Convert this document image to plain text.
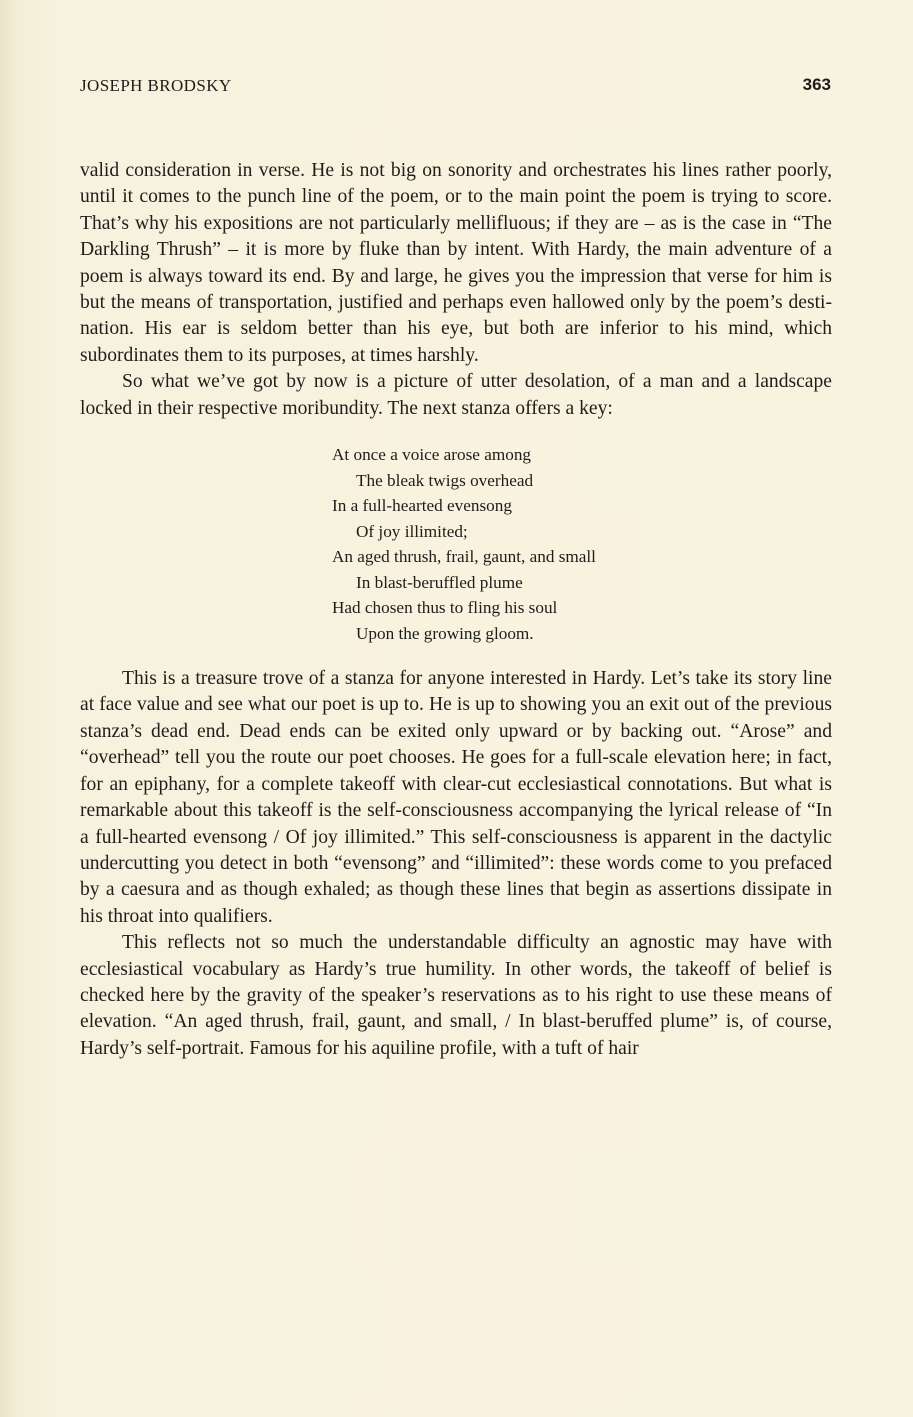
JOSEPH BRODSKY	363

valid consideration in verse. He is not big on sonority and orchestrates his lines rather poorly, until it comes to the punch line of the poem, or to the main point the poem is trying to score. That’s why his expositions are not particularly mellifluous; if they are – as is the case in “The Darkling Thrush” – it is more by fluke than by intent. With Hardy, the main adventure of a poem is always toward its end. By and large, he gives you the impression that verse for him is but the means of transportation, justified and perhaps even hallowed only by the poem’s destination. His ear is seldom better than his eye, but both are inferior to his mind, which subordinates them to its purposes, at times harshly.

So what we’ve got by now is a picture of utter desolation, of a man and a landscape locked in their respective moribundity. The next stanza offers a key:

At once a voice arose among
The bleak twigs overhead
In a full-hearted evensong
Of joy illimited;
An aged thrush, frail, gaunt, and small
In blast-beruffled plume
Had chosen thus to fling his soul
Upon the growing gloom.

This is a treasure trove of a stanza for anyone interested in Hardy. Let’s take its story line at face value and see what our poet is up to. He is up to showing you an exit out of the previous stanza’s dead end. Dead ends can be exited only upward or by backing out. “Arose” and “overhead” tell you the route our poet chooses. He goes for a full-scale elevation here; in fact, for an epiphany, for a complete takeoff with clear-cut ecclesiastical connotations. But what is remarkable about this takeoff is the self-consciousness accompanying the lyrical release of “In a full-hearted evensong / Of joy illimited.” This self-consciousness is apparent in the dactylic undercutting you detect in both “evensong” and “illimited”: these words come to you prefaced by a caesura and as though exhaled; as though these lines that begin as assertions dissipate in his throat into qualifiers.

This reflects not so much the understandable difficulty an agnostic may have with ecclesiastical vocabulary as Hardy’s true humility. In other words, the takeoff of belief is checked here by the gravity of the speaker’s reservations as to his right to use these means of elevation. “An aged thrush, frail, gaunt, and small, / In blast-beruffed plume” is, of course, Hardy’s self-portrait. Famous for his aquiline profile, with a tuft of hair
